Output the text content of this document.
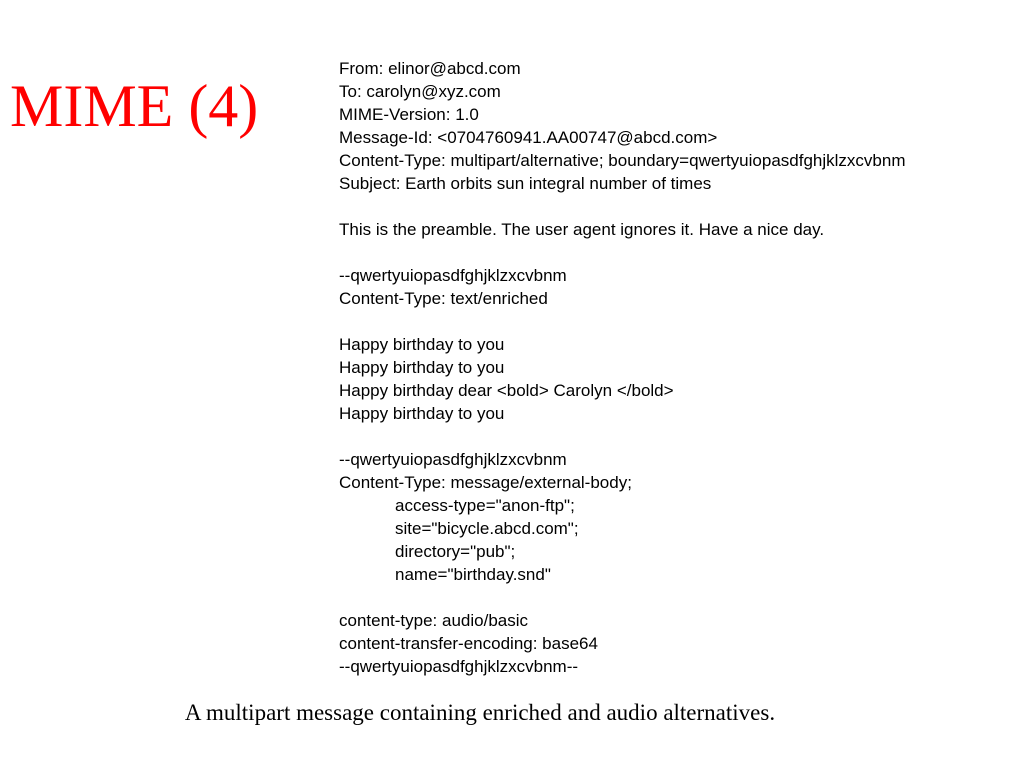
MIME (4)
From: elinor@abcd.com
To: carolyn@xyz.com
MIME-Version: 1.0
Message-Id: <0704760941.AA00747@abcd.com>
Content-Type: multipart/alternative; boundary=qwertyuiopasdfghjklzxcvbnm
Subject: Earth orbits sun integral number of times
This is the preamble. The user agent ignores it. Have a nice day.
--qwertyuiopasdfghjklzxcvbnm
Content-Type: text/enriched
Happy birthday to you
Happy birthday to you
Happy birthday dear <bold> Carolyn </bold>
Happy birthday to you
--qwertyuiopasdfghjklzxcvbnm
Content-Type: message/external-body;
access-type="anon-ftp";
site="bicycle.abcd.com";
directory="pub";
name="birthday.snd"
content-type: audio/basic
content-transfer-encoding: base64
--qwertyuiopasdfghjklzxcvbnm--
A multipart message containing enriched and audio alternatives.
